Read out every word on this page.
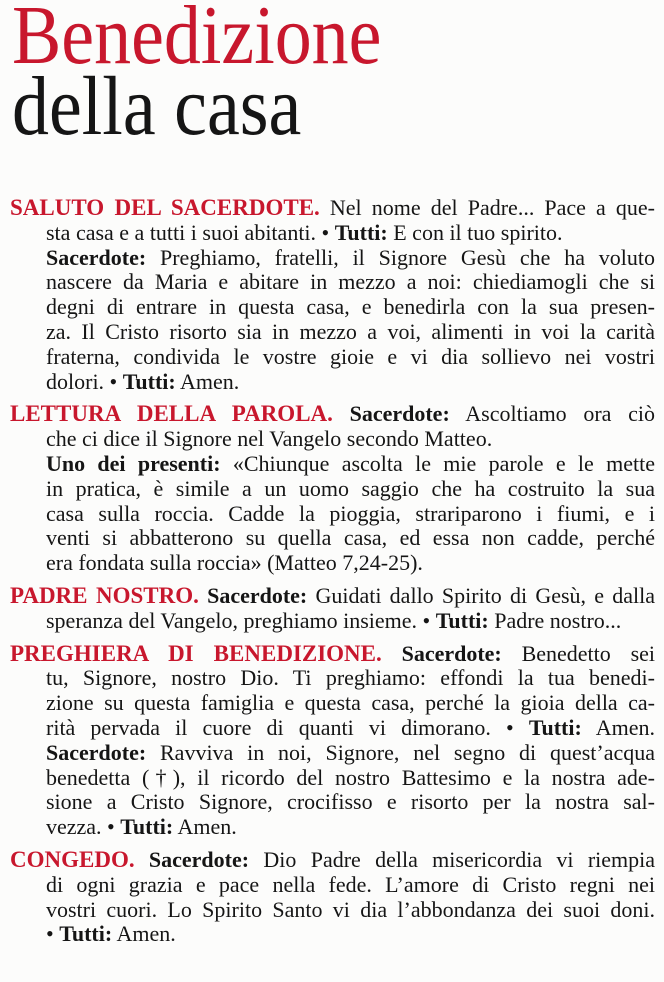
Benedizione
della casa
SALUTO DEL SACERDOTE. Nel nome del Padre... Pace a que-
sta casa e a tutti i suoi abitanti. • Tutti: E con il tuo spirito.
Sacerdote: Preghiamo, fratelli, il Signore Gesù che ha voluto
nascere da Maria e abitare in mezzo a noi: chiediamogli che si
degni di entrare in questa casa, e benedirla con la sua presen-
za. Il Cristo risorto sia in mezzo a voi, alimenti in voi la carità
fraterna, condivida le vostre gioie e vi dia sollievo nei vostri
dolori. • Tutti: Amen.
LETTURA DELLA PAROLA. Sacerdote: Ascoltiamo ora ciò
che ci dice il Signore nel Vangelo secondo Matteo.
Uno dei presenti: «Chiunque ascolta le mie parole e le mette
in pratica, è simile a un uomo saggio che ha costruito la sua
casa sulla roccia. Cadde la pioggia, strariparono i fiumi, e i
venti si abbatterono su quella casa, ed essa non cadde, perché
era fondata sulla roccia» (Matteo 7,24-25).
PADRE NOSTRO. Sacerdote: Guidati dallo Spirito di Gesù, e dalla
speranza del Vangelo, preghiamo insieme. • Tutti: Padre nostro...
PREGHIERA DI BENEDIZIONE. Sacerdote: Benedetto sei
tu, Signore, nostro Dio. Ti preghiamo: effondi la tua benedi-
zione su questa famiglia e questa casa, perché la gioia della ca-
rità pervada il cuore di quanti vi dimorano. • Tutti: Amen.
Sacerdote: Ravviva in noi, Signore, nel segno di quest’acqua
benedetta (†), il ricordo del nostro Battesimo e la nostra ade-
sione a Cristo Signore, crocifisso e risorto per la nostra sal-
vezza. • Tutti: Amen.
CONGEDO. Sacerdote: Dio Padre della misericordia vi riempia
di ogni grazia e pace nella fede. L’amore di Cristo regni nei
vostri cuori. Lo Spirito Santo vi dia l’abbondanza dei suoi doni.
• Tutti: Amen.
